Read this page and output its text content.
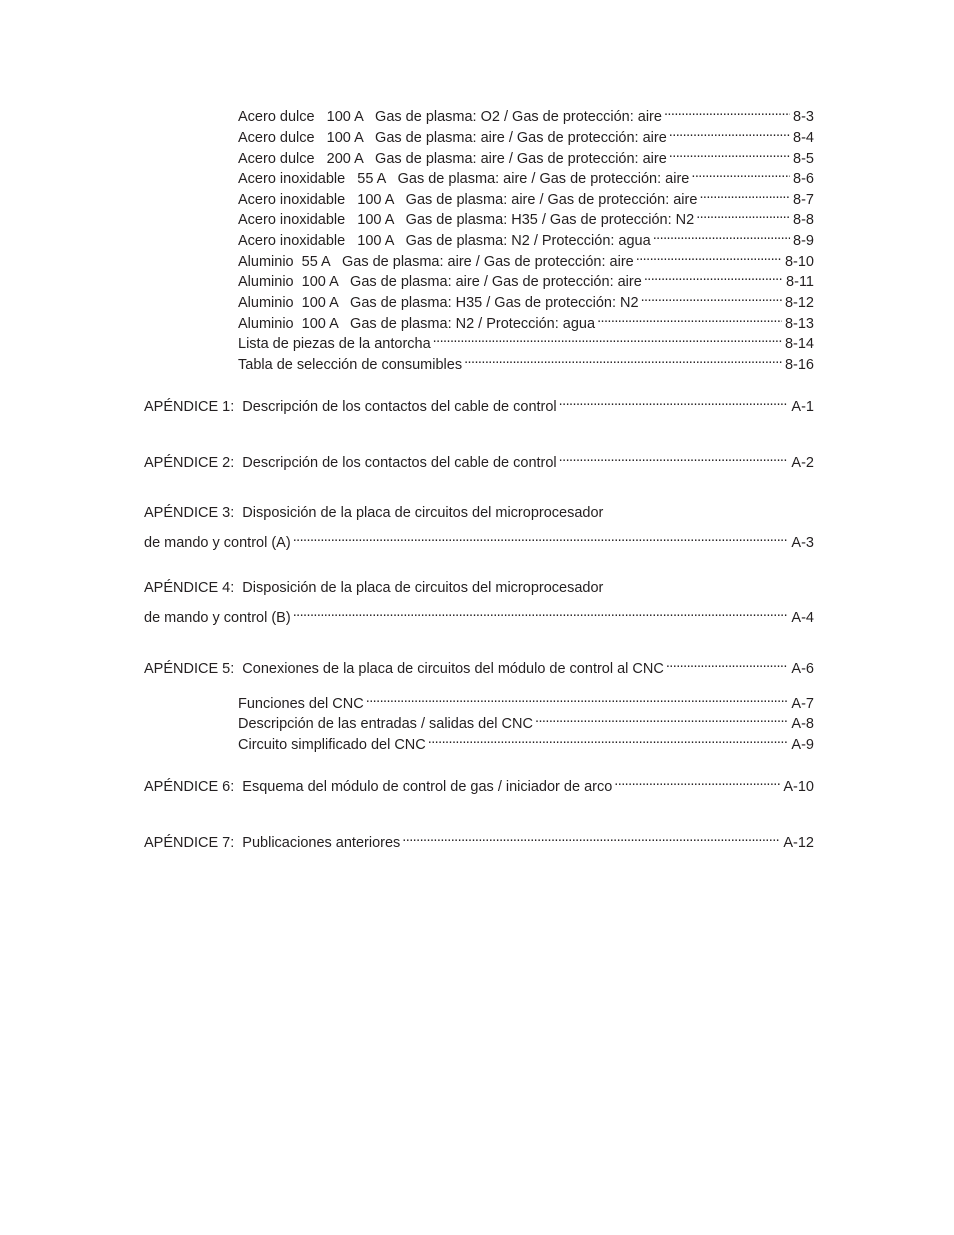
Acero dulce   100 A   Gas de plasma: O2 / Gas de protección: aire . . .	8-3
Acero dulce   100 A   Gas de plasma: aire / Gas de protección: aire . . .	8-4
Acero dulce   200 A   Gas de plasma: aire / Gas de protección: aire . . .	8-5
Acero inoxidable   55 A   Gas de plasma: aire / Gas de protección: aire . . .	8-6
Acero inoxidable   100 A   Gas de plasma: aire / Gas de protección: aire . . .	8-7
Acero inoxidable   100 A   Gas de plasma: H35 / Gas de protección: N2 . . .	8-8
Acero inoxidable   100 A   Gas de plasma: N2 / Protección: agua . . .	8-9
Aluminio  55 A   Gas de plasma: aire / Gas de protección: aire . . .	8-10
Aluminio  100 A   Gas de plasma: aire / Gas de protección: aire . . .	8-11
Aluminio  100 A   Gas de plasma: H35 / Gas de protección: N2 . . .	8-12
Aluminio  100 A   Gas de plasma: N2 / Protección: agua . . .	8-13
Lista de piezas de la antorcha . . .	8-14
Tabla de selección de consumibles . . .	8-16
APÉNDICE 1:  Descripción de los contactos del cable de control . . .	A-1
APÉNDICE 2:  Descripción de los contactos del cable de control . . .	A-2
APÉNDICE 3:  Disposición de la placa de circuitos del microprocesador
de mando y control (A) . . .	A-3
APÉNDICE 4:  Disposición de la placa de circuitos del microprocesador
de mando y control (B) . . .	A-4
APÉNDICE 5:  Conexiones de la placa de circuitos del módulo de control al CNC . . .	A-6
Funciones del CNC . . .	A-7
Descripción de las entradas / salidas del CNC . . .	A-8
Circuito simplificado del CNC . . .	A-9
APÉNDICE 6:  Esquema del módulo de control de gas / iniciador de arco . . .	A-10
APÉNDICE 7:  Publicaciones anteriores . . .	A-12
